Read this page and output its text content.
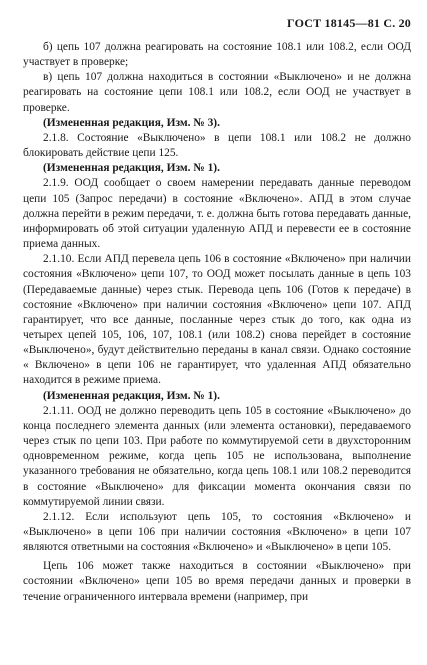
ГОСТ 18145—81 С. 20

б) цепь 107 должна реагировать на состояние 108.1 или 108.2, если ООД участвует в проверке;

в) цепь 107 должна находиться в состоянии «Выключено» и не должна реагировать на состояние цепи 108.1 или 108.2, если ООД не участвует в проверке.

(Измененная редакция, Изм. № 3).

2.1.8. Состояние «Выключено» в цепи 108.1 или 108.2 не должно блокировать действие цепи 125.

(Измененная редакция, Изм. № 1).

2.1.9. ООД сообщает о своем намерении передавать данные переводом цепи 105 (Запрос передачи) в состояние «Включено». АПД в этом случае должна перейти в режим передачи, т. е. должна быть готова передавать данные, информировать об этой ситуации удаленную АПД и перевести ее в состояние приема данных.

2.1.10. Если АПД перевела цепь 106 в состояние «Включено» при наличии состояния «Включено» цепи 107, то ООД может посылать данные в цепь 103 (Передаваемые данные) через стык. Перевода цепь 106 (Готов к передаче) в состояние «Включено» при наличии состояния «Включено» цепи 107. АПД гарантирует, что все данные, посланные через стык до того, как одна из четырех цепей 105, 106, 107, 108.1 (или 108.2) снова перейдет в состояние «Выключено», будут действительно переданы в канал связи. Однако состояние « Включено» в цепи 106 не гарантирует, что удаленная АПД обязательно находится в режиме приема.

(Измененная редакция, Изм. № 1).

2.1.11. ООД не должно переводить цепь 105 в состояние «Выключено» до конца последнего элемента данных (или элемента остановки), передаваемого через стык по цепи 103. При работе по коммутируемой сети в двухсторонним одновременном режиме, когда цепь 105 не использована, выполнение указанного требования не обязательно, когда цепь 108.1 или 108.2 переводится в состояние «Выключено» для фиксации момента окончания связи по коммутируемой линии связи.

2.1.12. Если используют цепь 105, то состояния «Включено» и «Выключено» в цепи 106 при наличии состояния «Включено» в цепи 107 являются ответными на состояния «Включено» и «Выключено» в цепи 105.

Цепь 106 может также находиться в состоянии «Выключено» при состоянии «Включено» цепи 105 во время передачи данных и проверки в течение ограниченного интервала времени (например, при
